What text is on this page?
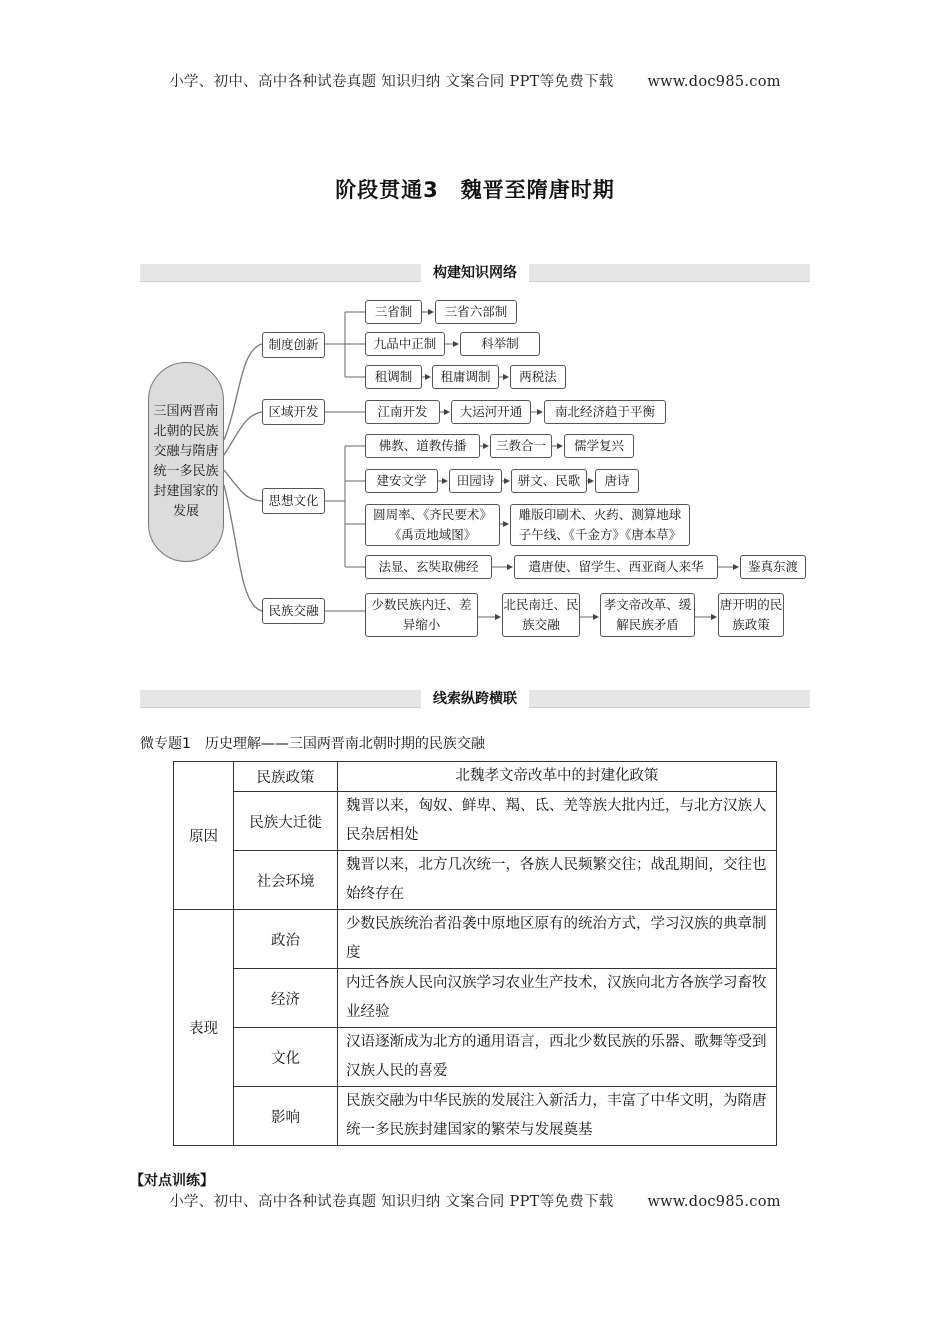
小学、初中、高中各种试卷真题 知识归纳 文案合同 PPT等免费下载 www.doc985.com
阶段贯通3　魏晋至隋唐时期
构建知识网络
三国两晋南北朝的民族交融与隋唐统一多民族封建国家的发展
制度创新
区域开发
思想文化
民族交融
三省制	三省六部制
九品中正制	科举制
租调制	租庸调制	两税法
江南开发	大运河开通	南北经济趋于平衡
佛教、道教传播	三教合一	儒学复兴
建安文学	田园诗	骈文、民歌	唐诗
圆周率、《齐民要术》《禹贡地域图》
雕版印刷术、火药、测算地球子午线、《千金方》《唐本草》
法显、玄奘取佛经	遣唐使、留学生、西亚商人来华	鉴真东渡
少数民族内迁、差异缩小
北民南迁、民族交融
孝文帝改革、缓解民族矛盾
唐开明的民族政策
线索纵跨横联
微专题1　历史理解——三国两晋南北朝时期的民族交融
原因	民族政策	北魏孝文帝改革中的封建化政策
	民族大迁徙	魏晋以来，匈奴、鲜卑、羯、氐、羌等族大批内迁，与北方汉族人民杂居相处
	社会环境	魏晋以来，北方几次统一，各族人民频繁交往；战乱期间，交往也始终存在
表现	政治	少数民族统治者沿袭中原地区原有的统治方式，学习汉族的典章制度
	经济	内迁各族人民向汉族学习农业生产技术，汉族向北方各族学习畜牧业经验
	文化	汉语逐渐成为北方的通用语言，西北少数民族的乐器、歌舞等受到汉族人民的喜爱
	影响	民族交融为中华民族的发展注入新活力，丰富了中华文明，为隋唐统一多民族封建国家的繁荣与发展奠基
【对点训练】
小学、初中、高中各种试卷真题 知识归纳 文案合同 PPT等免费下载 www.doc985.com
